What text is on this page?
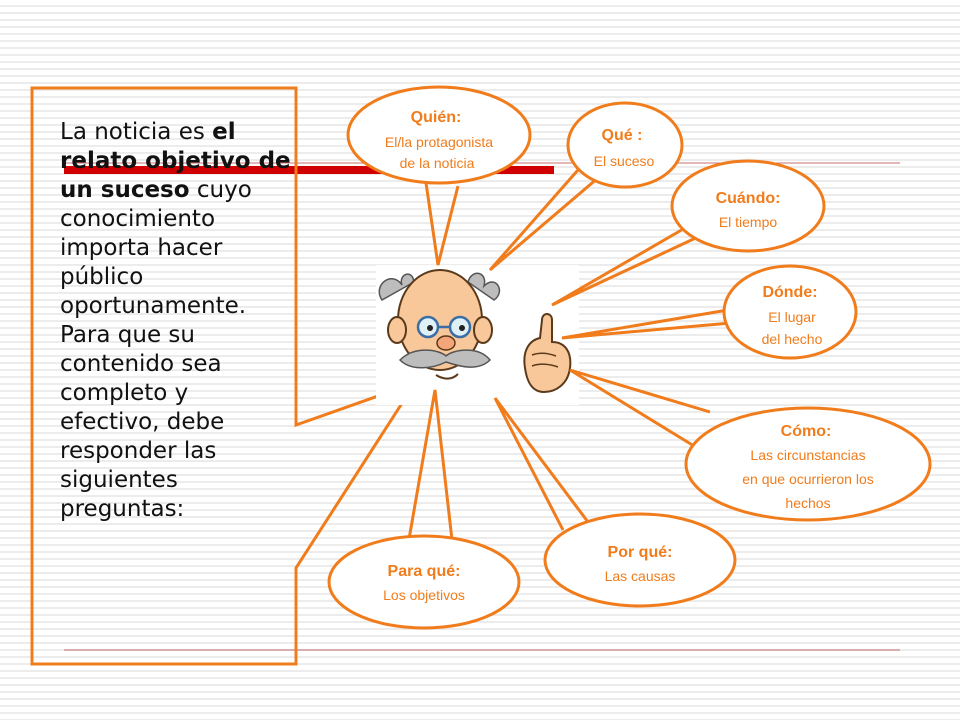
Quién:
El/la protagonista
de la noticia
Qué :
El suceso
Cuándo:
El tiempo
Dónde:
El lugar
del hecho
Cómo:
Las circunstancias
en que ocurrieron los
hechos
Por qué:
Las causas
Para qué:
Los objetivos
La noticia es el relato objetivo de un suceso cuyo conocimiento importa hacer público oportunamente. Para que su contenido sea completo y efectivo, debe responder las siguientes preguntas:
